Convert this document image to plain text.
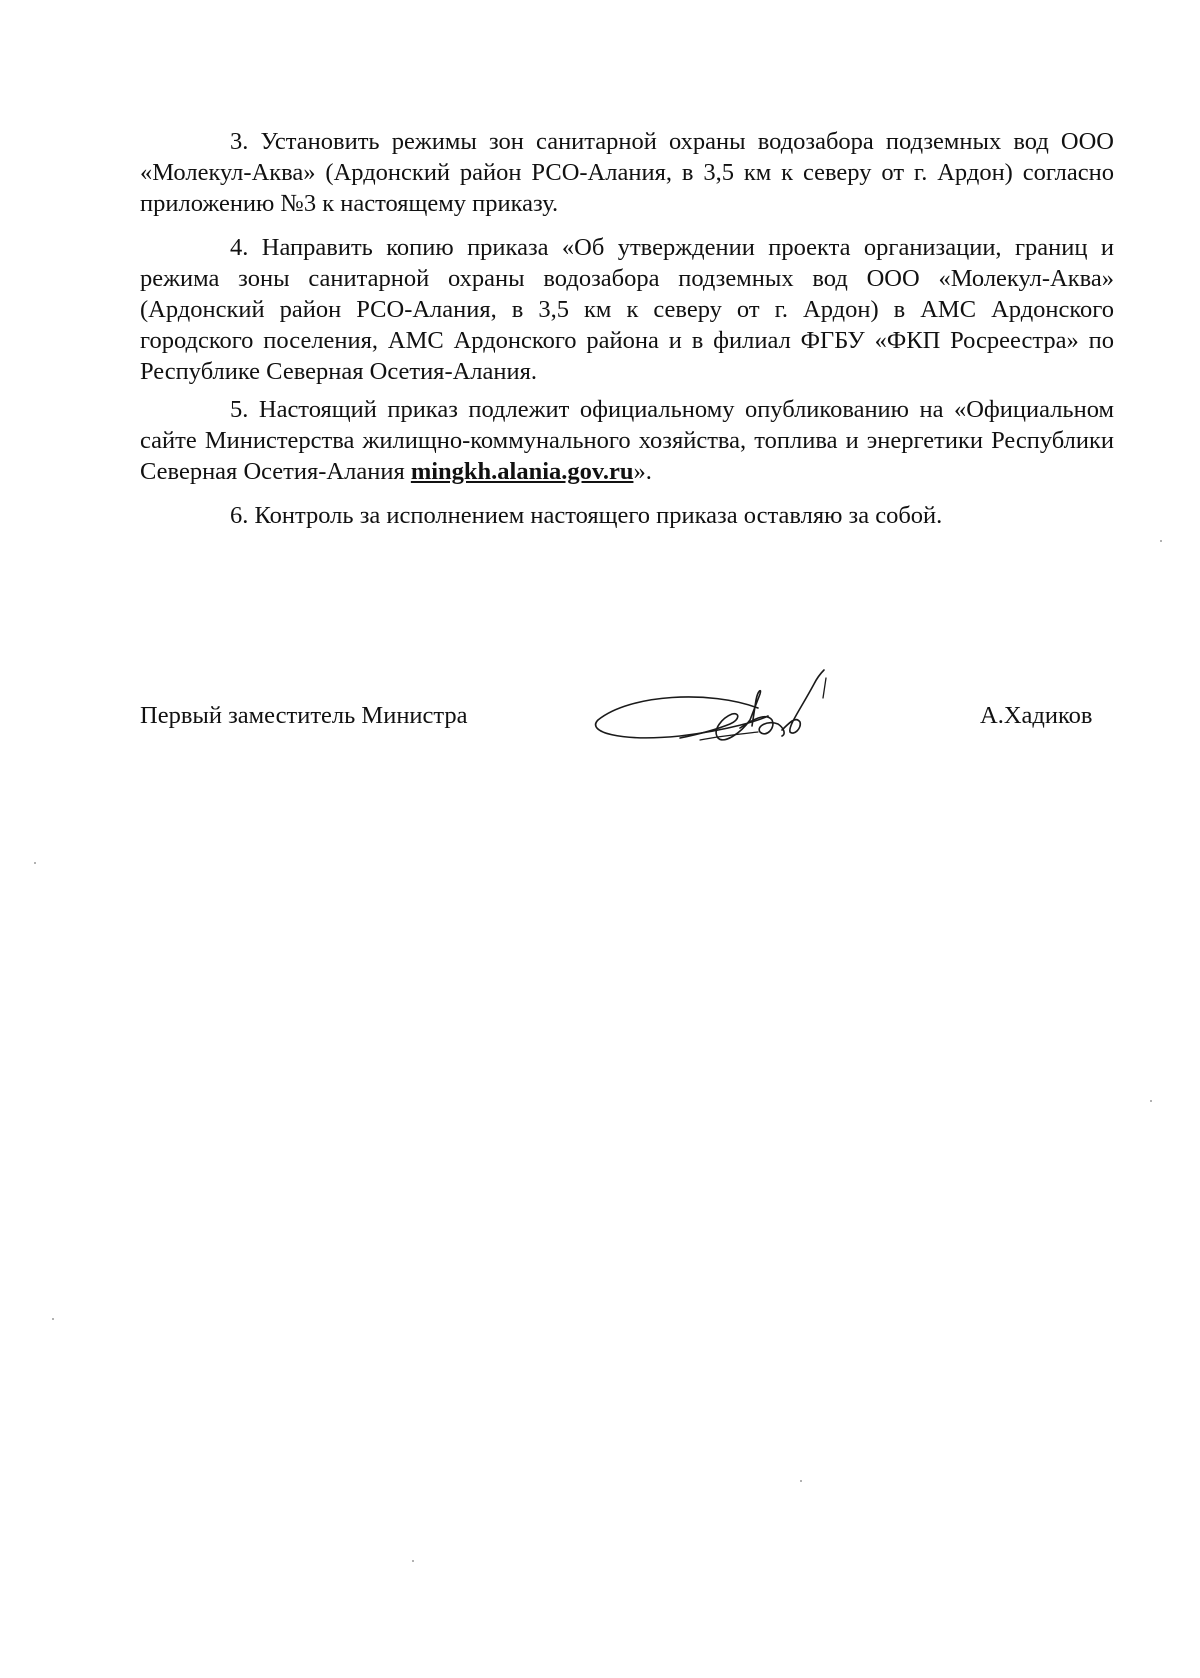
3. Установить режимы зон санитарной охраны водозабора подземных вод ООО «Молекул-Аква» (Ардонский район РСО-Алания, в 3,5 км к северу от г. Ардон) согласно приложению №3 к настоящему приказу.

4. Направить копию приказа «Об утверждении проекта организации, границ и режима зоны санитарной охраны водозабора подземных вод ООО «Молекул-Аква» (Ардонский район РСО-Алания, в 3,5 км к северу от г. Ардон) в АМС Ардонского городского поселения, АМС Ардонского района и в филиал ФГБУ «ФКП Росреестра» по Республике Северная Осетия-Алания.

5. Настоящий приказ подлежит официальному опубликованию на «Официальном сайте Министерства жилищно-коммунального хозяйства, топлива и энергетики Республики Северная Осетия-Алания mingkh.alania.gov.ru».

6. Контроль за исполнением настоящего приказа оставляю за собой.

Первый заместитель Министра	А.Хадиков
